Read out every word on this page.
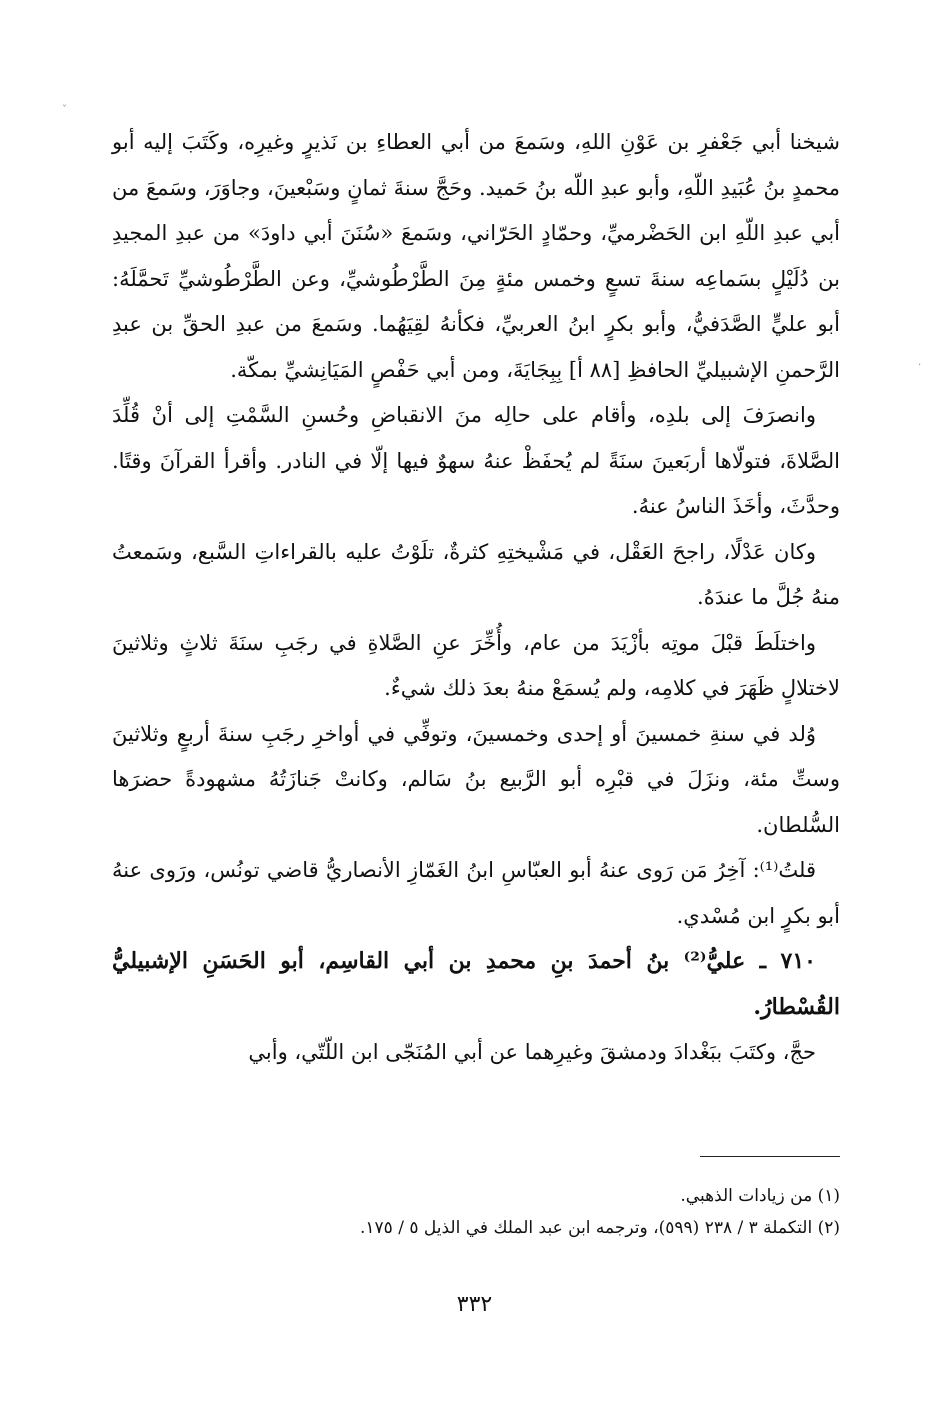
ˇ
·

شيخنا أبي جَعْفرِ بن عَوْنِ اللهِ، وسَمعَ من أبي العطاءِ بن نَذيرٍ وغيرِه، وكَتَبَ إليه أبو محمدٍ بنُ عُبَيدِ اللّهِ، وأبو عبدِ اللّه بنُ حَميد. وحَجَّ سنةَ ثمانٍ وسَبْعينَ، وجاوَرَ، وسَمعَ من أبي عبدِ اللّهِ ابن الحَضْرميِّ، وحمّادٍ الحَرّاني، وسَمعَ «سُنَنَ أبي داودَ» من عبدِ المجيدِ بن دُلَيْلٍ بسَماعِه سنةَ تسعٍ وخمس مئةٍ مِنَ الطَّرْطُوشيِّ، وعن الطَّرْطُوشيِّ تَحمَّلَهُ: أبو عليٍّ الصَّدَفيُّ، وأبو بكرٍ ابنُ العربيِّ، فكأنهُ لقِيَهُما. وسَمعَ من عبدِ الحقِّ بن عبدِ الرَّحمنِ الإشبيليِّ الحافظِ [٨٨ أ] بِبِجَايَةَ، ومن أبي حَفْصٍ المَيَانِشيِّ بمكّة.

وانصرَفَ إلى بلدِه، وأقام على حالِه منَ الانقباضِ وحُسنِ السَّمْتِ إلى أنْ قُلِّدَ الصَّلاةَ، فتولّاها أربَعينَ سنَةً لم يُحفَظْ عنهُ سهوٌ فيها إلّا في النادر. وأقرأ القرآنَ وقتًا. وحدَّثَ، وأخَذَ الناسُ عنهُ.

وكان عَدْلًا، راجحَ العَقْل، في مَشْيختِهِ كثرةٌ، تلَوْتُ عليه بالقراءاتِ السَّبع، وسَمعتُ منهُ جُلَّ ما عندَهُ.

واختلَطَ قبْلَ موتِه بأزْيَدَ من عام، وأُخِّرَ عنِ الصَّلاةِ في رجَبِ سنَةَ ثلاثٍ وثلاثينَ لاختلالٍ ظَهَرَ في كلامِه، ولم يُسمَعْ منهُ بعدَ ذلك شيءٌ.

وُلد في سنةِ خمسينَ أو إحدى وخمسينَ، وتوفِّي في أواخرِ رجَبِ سنةَ أربعٍ وثلاثينَ وستِّ مئة، ونزَلَ في قبْرِه أبو الرَّبيع بنُ سَالم، وكانتْ جَنازَتُهُ مشهودةً حضرَها السُّلطان.

قلتُ⁽¹⁾: آخِرُ مَن رَوى عنهُ أبو العبّاسِ ابنُ الغَمّازِ الأنصاريُّ قاضي تونُس، ورَوى عنهُ أبو بكرٍ ابن مُسْدي.

٧١٠ ـ عليُّ⁽²⁾ بنُ أحمدَ بنِ محمدِ بن أبي القاسِم، أبو الحَسَنِ الإشبيليُّ القُسْطارُ.

حجَّ، وكتَبَ ببَغْدادَ ودمشقَ وغيرِهما عن أبي المُنَجّى ابن اللّتّي، وأبي

(١) من زيادات الذهبي.

(٢) التكملة ٣ / ٢٣٨ (٥٩٩)، وترجمه ابن عبد الملك في الذيل ٥ / ١٧٥.

٣٣٢
